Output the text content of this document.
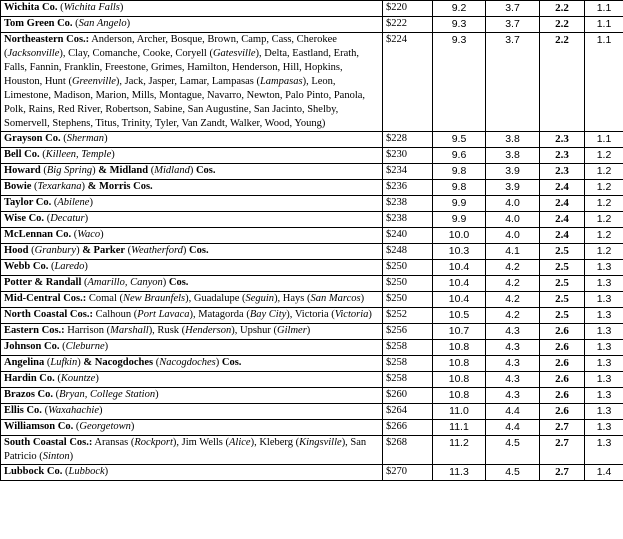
Wichita Co. (Wichita Falls)	$220	9.2	3.7	2.2	1.1
Tom Green Co. (San Angelo)	$222	9.3	3.7	2.2	1.1
Northeastern Cos.: Anderson, Archer, Bosque, Brown, Camp, Cass, Cherokee (Jacksonville), Clay, Comanche, Cooke, Coryell (Gatesville), Delta, Eastland, Erath, Falls, Fannin, Franklin, Freestone, Grimes, Hamilton, Henderson, Hill, Hopkins, Houston, Hunt (Greenville), Jack, Jasper, Lamar, Lampasas (Lampasas), Leon, Limestone, Madison, Marion, Mills, Montague, Navarro, Newton, Palo Pinto, Panola, Polk, Rains, Red River, Robertson, Sabine, San Augustine, San Jacinto, Shelby, Somervell, Stephens, Titus, Trinity, Tyler, Van Zandt, Walker, Wood, Young)	$224	9.3	3.7	2.2	1.1
Grayson Co. (Sherman)	$228	9.5	3.8	2.3	1.1
Bell Co. (Killeen, Temple)	$230	9.6	3.8	2.3	1.2
Howard (Big Spring) & Midland (Midland) Cos.	$234	9.8	3.9	2.3	1.2
Bowie (Texarkana) & Morris Cos.	$236	9.8	3.9	2.4	1.2
Taylor Co. (Abilene)	$238	9.9	4.0	2.4	1.2
Wise Co. (Decatur)	$238	9.9	4.0	2.4	1.2
McLennan Co. (Waco)	$240	10.0	4.0	2.4	1.2
Hood (Granbury) & Parker (Weatherford) Cos.	$248	10.3	4.1	2.5	1.2
Webb Co. (Laredo)	$250	10.4	4.2	2.5	1.3
Potter & Randall (Amarillo, Canyon) Cos.	$250	10.4	4.2	2.5	1.3
Mid-Central Cos.: Comal (New Braunfels), Guadalupe (Seguin), Hays (San Marcos)	$250	10.4	4.2	2.5	1.3
North Coastal Cos.: Calhoun (Port Lavaca), Matagorda (Bay City), Victoria (Victoria)	$252	10.5	4.2	2.5	1.3
Eastern Cos.: Harrison (Marshall), Rusk (Henderson), Upshur (Gilmer)	$256	10.7	4.3	2.6	1.3
Johnson Co. (Cleburne)	$258	10.8	4.3	2.6	1.3
Angelina (Lufkin) & Nacogdoches (Nacogdoches) Cos.	$258	10.8	4.3	2.6	1.3
Hardin Co. (Kountze)	$258	10.8	4.3	2.6	1.3
Brazos Co. (Bryan, College Station)	$260	10.8	4.3	2.6	1.3
Ellis Co. (Waxahachie)	$264	11.0	4.4	2.6	1.3
Williamson Co. (Georgetown)	$266	11.1	4.4	2.7	1.3
South Coastal Cos.: Aransas (Rockport), Jim Wells (Alice), Kleberg (Kingsville), San Patricio (Sinton)	$268	11.2	4.5	2.7	1.3
Lubbock Co. (Lubbock)	$270	11.3	4.5	2.7	1.4
